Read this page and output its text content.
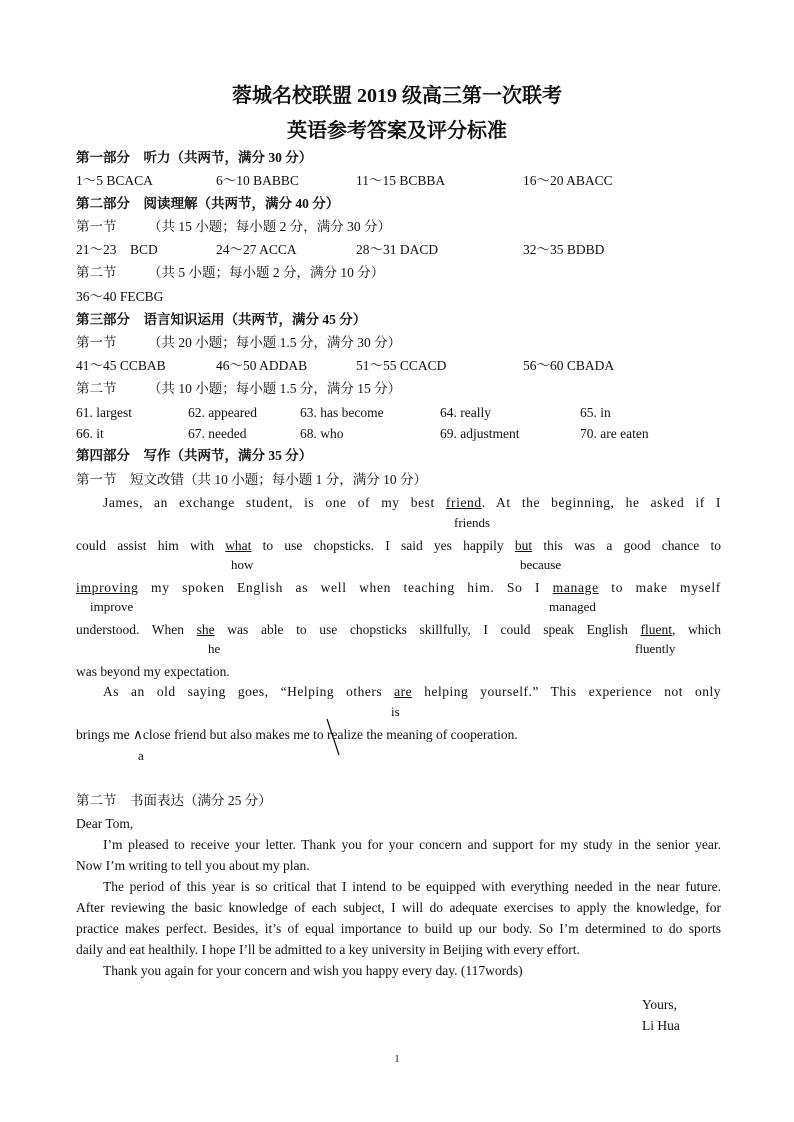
蓉城名校联盟 2019 级高三第一次联考
英语参考答案及评分标准
第一部分　听力（共两节，满分 30 分）
1～5 BCACA	6～10 BABBC	11～15 BCBBA	16～20 ABACC
第二部分　阅读理解（共两节，满分 40 分）
第一节 （共 15 小题；每小题 2 分，满分 30 分）
21～23　BCD	24～27 ACCA	28～31 DACD	32～35 BDBD
第二节 （共 5 小题；每小题 2 分，满分 10 分）
36～40 FECBG
第三部分　语言知识运用（共两节，满分 45 分）
第一节 （共 20 小题；每小题 1.5 分，满分 30 分）
41～45 CCBAB	46～50 ADDAB	51～55 CCACD	56～60 CBADA
第二节 （共 10 小题；每小题 1.5 分，满分 15 分）
61. largest	62. appeared	63. has become	64. really	65. in
66. it	67. needed	68. who	69. adjustment	70. are eaten
第四部分　写作（共两节，满分 35 分）
第一节　短文改错（共 10 小题；每小题 1 分，满分 10 分）
James, an exchange student, is one of my best friend. At the beginning, he asked if I
friends
could assist him with what to use chopsticks. I said yes happily but this was a good chance to
how	because
improving my spoken English as well when teaching him. So I manage to make myself
improve	managed
understood. When she was able to use chopsticks skillfully, I could speak English fluent, which
he	fluently
was beyond my expectation.
As an old saying goes, “Helping others are helping yourself.” This experience not only
is
brings me ∧close friend but also makes me to realize the meaning of cooperation.
a
第二节　书面表达（满分 25 分）
Dear Tom,
I’m pleased to receive your letter. Thank you for your concern and support for my study in the senior year.
Now I’m writing to tell you about my plan.
The period of this year is so critical that I intend to be equipped with everything needed in the near future.
After reviewing the basic knowledge of each subject, I will do adequate exercises to apply the knowledge, for
practice makes perfect. Besides, it’s of equal importance to build up our body. So I’m determined to do sports
daily and eat healthily. I hope I’ll be admitted to a key university in Beijing with every effort.
Thank you again for your concern and wish you happy every day. (117words)
Yours,
Li Hua
1
